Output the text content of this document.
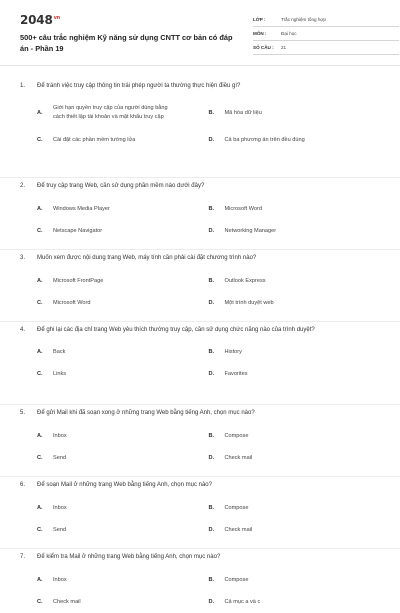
$2048^{vn}$
500+ câu trắc nghiệm Kỹ năng sử dụng CNTT cơ bản có đáp án - Phần 19
LỚP :	Trắc nghiệm tổng hợp
MÔN :	Đại học
SỐ CÂU :	21
1.	Để tránh việc truy cập thông tin trái phép người ta thường thực hiện điều gì?
A.
Giới hạn quyền truy cập của người dùng bằng cách thiết lập tài khoản và mật khẩu truy cập
B.	Mã hóa dữ liệu
C.	Cài đặt các phần mềm tường lửa	D.	Cả ba phương án trên đều đúng
2.	Để truy cập trang Web, cần sử dụng phần mềm nào dưới đây?
A.	Windows Media Player	B.	Microsoft Word
C.	Netscape Navigator	D.	Networking Manager
3.	Muốn xem được nội dung trang Web, máy tính cần phải cài đặt chương trình nào?
A.	Microsoft FrontPage	B.	Outlook Express
C.	Microsoft Word	D.	Một trình duyệt web
4.	Để ghi lại các địa chỉ trang Web yêu thích thường truy cập, cần sử dụng chức năng nào của trình duyệt?
A.	Back	B.	History
C.	Links	D.	Favorites
5.	Để gửi Mail khi đã soạn xong ở những trang Web bằng tiếng Anh, chọn mục nào?
A.	Inbox	B.	Compose
C.	Send	D.	Check mail
6.	Để soạn Mail ở những trang Web bằng tiếng Anh, chọn mục nào?
A.	Inbox	B.	Compose
C.	Send	D.	Check mail
7.	Để kiểm tra Mail ở những trang Web bằng tiếng Anh, chọn mục nào?
A.	Inbox	B.	Compose
C.	Check mail	D.	Cả mục a và c
